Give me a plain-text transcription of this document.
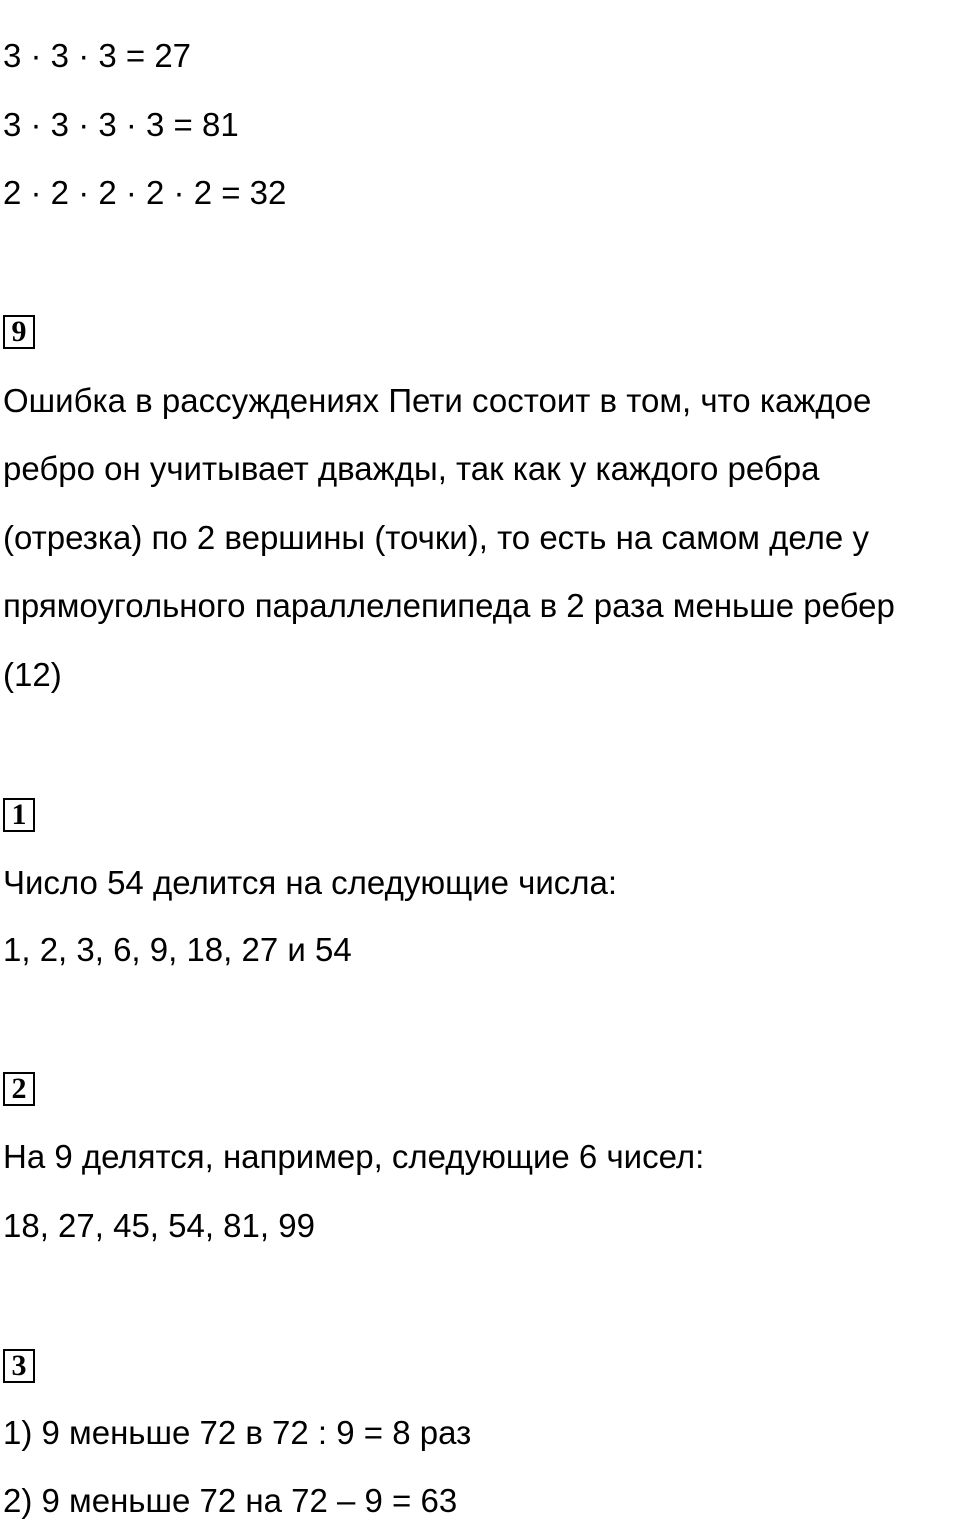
3 · 3 · 3 = 27
3 · 3 · 3 · 3 = 81
2 · 2 · 2 · 2 · 2 = 32
9
Ошибка в рассуждениях Пети состоит в том, что каждое
ребро он учитывает дважды, так как у каждого ребра
(отрезка) по 2 вершины (точки), то есть на самом деле у
прямоугольного параллелепипеда в 2 раза меньше ребер
(12)
1
Число 54 делится на следующие числа:
1, 2, 3, 6, 9, 18, 27 и 54
2
На 9 делятся, например, следующие 6 чисел:
18, 27, 45, 54, 81, 99
3
1) 9 меньше 72 в 72 : 9 = 8 раз
2) 9 меньше 72 на 72 – 9 = 63
